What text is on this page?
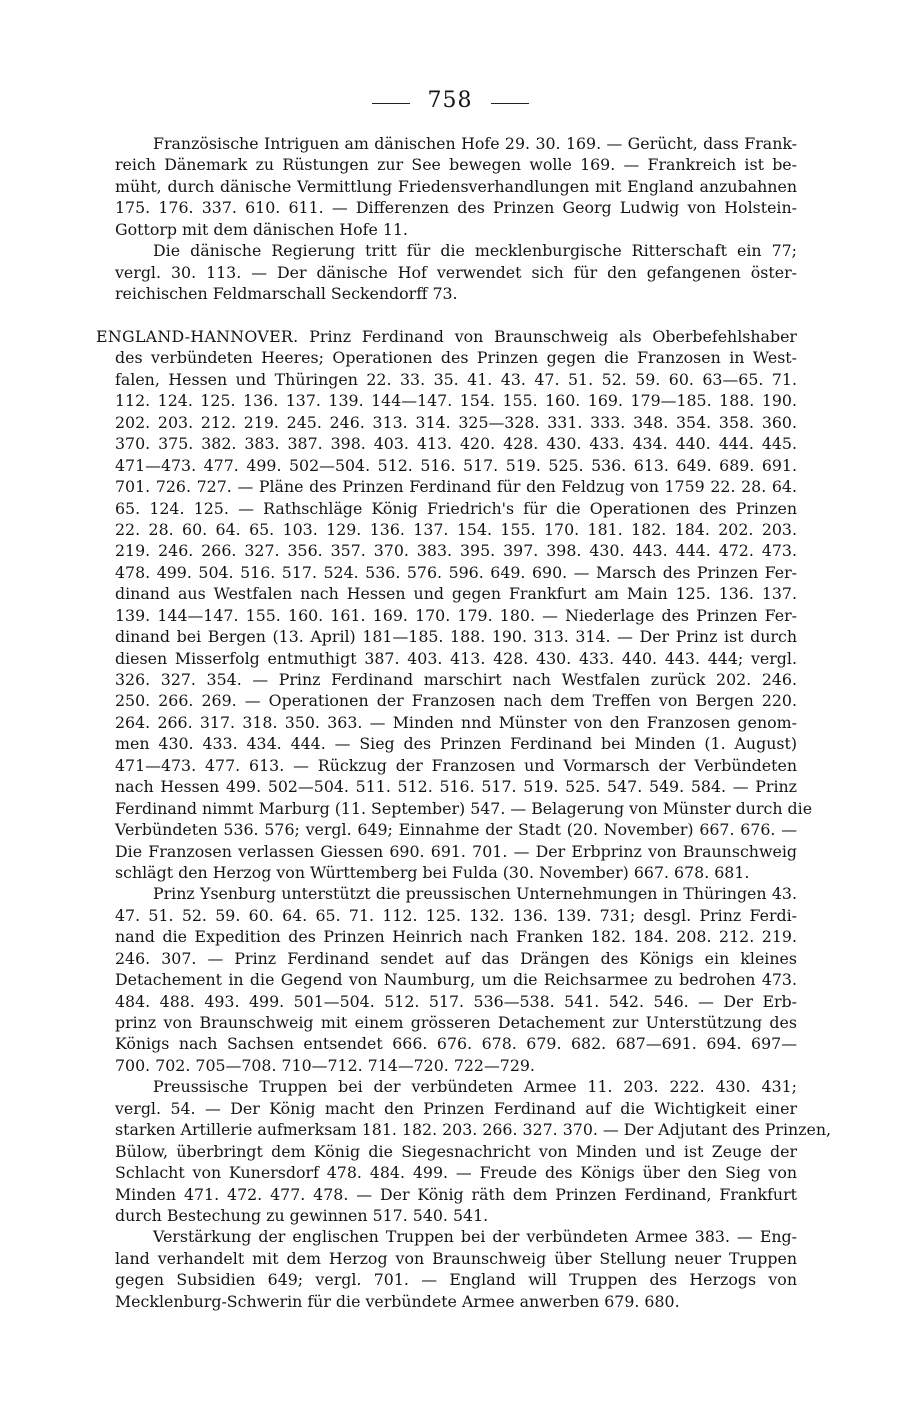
758
Französische Intriguen am dänischen Hofe 29. 30. 169. — Gerücht, dass Frank-
reich Dänemark zu Rüstungen zur See bewegen wolle 169. — Frankreich ist be-
müht, durch dänische Vermittlung Friedensverhandlungen mit England anzubahnen
175. 176. 337. 610. 611. — Differenzen des Prinzen Georg Ludwig von Holstein-
Gottorp mit dem dänischen Hofe 11.
Die dänische Regierung tritt für die mecklenburgische Ritterschaft ein 77;
vergl. 30. 113. — Der dänische Hof verwendet sich für den gefangenen öster-
reichischen Feldmarschall Seckendorff 73.
ENGLAND-HANNOVER. Prinz Ferdinand von Braunschweig als Oberbefehlshaber
des verbündeten Heeres; Operationen des Prinzen gegen die Franzosen in West-
falen, Hessen und Thüringen 22. 33. 35. 41. 43. 47. 51. 52. 59. 60. 63—65. 71.
112. 124. 125. 136. 137. 139. 144—147. 154. 155. 160. 169. 179—185. 188. 190.
202. 203. 212. 219. 245. 246. 313. 314. 325—328. 331. 333. 348. 354. 358. 360.
370. 375. 382. 383. 387. 398. 403. 413. 420. 428. 430. 433. 434. 440. 444. 445.
471—473. 477. 499. 502—504. 512. 516. 517. 519. 525. 536. 613. 649. 689. 691.
701. 726. 727. — Pläne des Prinzen Ferdinand für den Feldzug von 1759 22. 28. 64.
65. 124. 125. — Rathschläge König Friedrich's für die Operationen des Prinzen
22. 28. 60. 64. 65. 103. 129. 136. 137. 154. 155. 170. 181. 182. 184. 202. 203.
219. 246. 266. 327. 356. 357. 370. 383. 395. 397. 398. 430. 443. 444. 472. 473.
478. 499. 504. 516. 517. 524. 536. 576. 596. 649. 690. — Marsch des Prinzen Fer-
dinand aus Westfalen nach Hessen und gegen Frankfurt am Main 125. 136. 137.
139. 144—147. 155. 160. 161. 169. 170. 179. 180. — Niederlage des Prinzen Fer-
dinand bei Bergen (13. April) 181—185. 188. 190. 313. 314. — Der Prinz ist durch
diesen Misserfolg entmuthigt 387. 403. 413. 428. 430. 433. 440. 443. 444; vergl.
326. 327. 354. — Prinz Ferdinand marschirt nach Westfalen zurück 202. 246.
250. 266. 269. — Operationen der Franzosen nach dem Treffen von Bergen 220.
264. 266. 317. 318. 350. 363. — Minden nnd Münster von den Franzosen genom-
men 430. 433. 434. 444. — Sieg des Prinzen Ferdinand bei Minden (1. August)
471—473. 477. 613. — Rückzug der Franzosen und Vormarsch der Verbündeten
nach Hessen 499. 502—504. 511. 512. 516. 517. 519. 525. 547. 549. 584. — Prinz
Ferdinand nimmt Marburg (11. September) 547. — Belagerung von Münster durch die
Verbündeten 536. 576; vergl. 649; Einnahme der Stadt (20. November) 667. 676. —
Die Franzosen verlassen Giessen 690. 691. 701. — Der Erbprinz von Braunschweig
schlägt den Herzog von Württemberg bei Fulda (30. November) 667. 678. 681.
Prinz Ysenburg unterstützt die preussischen Unternehmungen in Thüringen 43.
47. 51. 52. 59. 60. 64. 65. 71. 112. 125. 132. 136. 139. 731; desgl. Prinz Ferdi-
nand die Expedition des Prinzen Heinrich nach Franken 182. 184. 208. 212. 219.
246. 307. — Prinz Ferdinand sendet auf das Drängen des Königs ein kleines
Detachement in die Gegend von Naumburg, um die Reichsarmee zu bedrohen 473.
484. 488. 493. 499. 501—504. 512. 517. 536—538. 541. 542. 546. — Der Erb-
prinz von Braunschweig mit einem grösseren Detachement zur Unterstützung des
Königs nach Sachsen entsendet 666. 676. 678. 679. 682. 687—691. 694. 697—
700. 702. 705—708. 710—712. 714—720. 722—729.
Preussische Truppen bei der verbündeten Armee 11. 203. 222. 430. 431;
vergl. 54. — Der König macht den Prinzen Ferdinand auf die Wichtigkeit einer
starken Artillerie aufmerksam 181. 182. 203. 266. 327. 370. — Der Adjutant des Prinzen,
Bülow, überbringt dem König die Siegesnachricht von Minden und ist Zeuge der
Schlacht von Kunersdorf 478. 484. 499. — Freude des Königs über den Sieg von
Minden 471. 472. 477. 478. — Der König räth dem Prinzen Ferdinand, Frankfurt
durch Bestechung zu gewinnen 517. 540. 541.
Verstärkung der englischen Truppen bei der verbündeten Armee 383. — Eng-
land verhandelt mit dem Herzog von Braunschweig über Stellung neuer Truppen
gegen Subsidien 649; vergl. 701. — England will Truppen des Herzogs von
Mecklenburg-Schwerin für die verbündete Armee anwerben 679. 680.
